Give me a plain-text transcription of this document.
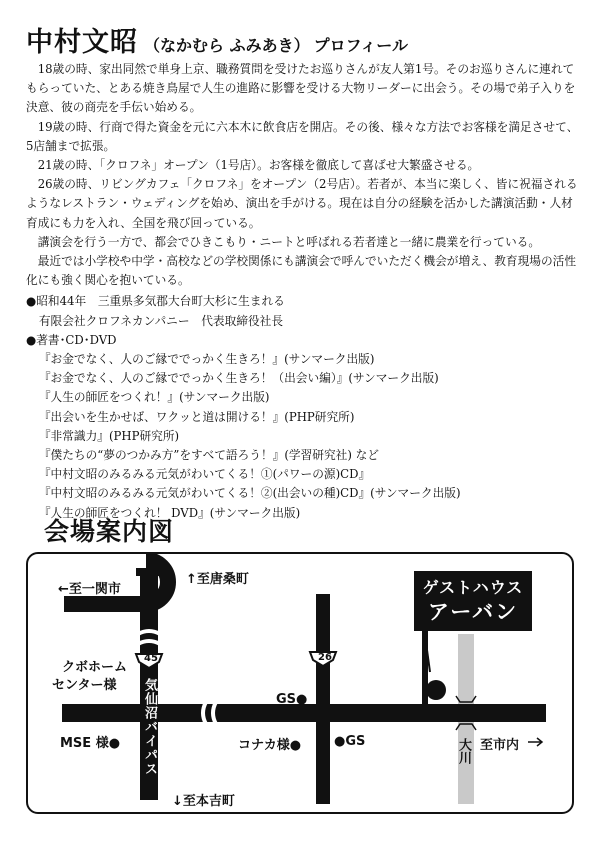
中村文昭 （なかむら ふみあき） プロフィール

18歳の時、家出同然で単身上京、職務質問を受けたお巡りさんが友人第1号。そのお巡りさんに連れてもらっていた、とある焼き鳥屋で人生の進路に影響を受ける大物リーダーに出会う。その場で弟子入りを決意、彼の商売を手伝い始める。

19歳の時、行商で得た資金を元に六本木に飲食店を開店。その後、様々な方法でお客様を満足させて、5店舗まで拡張。

21歳の時、「クロフネ」オープン（1号店）。お客様を徹底して喜ばせ大繁盛させる。

26歳の時、リビングカフェ「クロフネ」をオープン（2号店）。若者が、本当に楽しく、皆に祝福されるようなレストラン・ウェディングを始め、演出を手がける。現在は自分の経験を活かした講演活動・人材育成にも力を入れ、全国を飛び回っている。

講演会を行う一方で、都会でひきこもり・ニートと呼ばれる若者達と一緒に農業を行っている。

最近では小学校や中学・高校などの学校関係にも講演会で呼んでいただく機会が増え、教育現場の活性化にも強く関心を抱いている。

●昭和44年　三重県多気郡大台町大杉に生まれる
有限会社クロフネカンパニー　代表取締役社長
●著書･CD･DVD
『お金でなく、人のご縁ででっかく生きろ！』(サンマーク出版)
『お金でなく、人のご縁ででっかく生きろ！（出会い編）』(サンマーク出版)
『人生の師匠をつくれ！』(サンマーク出版)
『出会いを生かせば、ワクッと道は開ける！』(PHP研究所)
『非常識力』(PHP研究所)
『僕たちの“夢のつかみ方”をすべて語ろう！』(学習研究社) など
『中村文昭のみるみる元気がわいてくる！①(パワーの源)CD』
『中村文昭のみるみる元気がわいてくる！②(出会いの種)CD』(サンマーク出版)
『人生の師匠をつくれ！ DVD』(サンマーク出版)
会場案内図
←至一関市
↑至唐桑町
↓至本吉町
至市内
45	26
気仙沼バイパス
クボホーム
センター様
MSE 様●
GS●
コナカ様●	●GS	大川
ゲストハウス
アーバン
